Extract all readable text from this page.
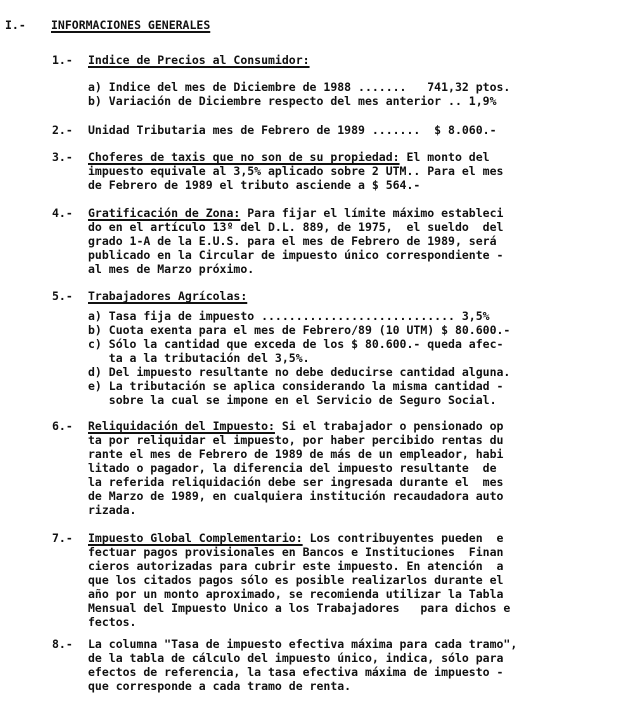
I.- INFORMACIONES GENERALES
1.- Indice de Precios al Consumidor:
a) Indice del mes de Diciembre de 1988 .......   741,32 ptos.
b) Variación de Diciembre respecto del mes anterior .. 1,9%
2.- Unidad Tributaria mes de Febrero de 1989 .......  $ 8.060.-
3.- Choferes de taxis que no son de su propiedad: El monto del
impuesto equivale al 3,5% aplicado sobre 2 UTM.. Para el mes
de Febrero de 1989 el tributo asciende a $ 564.-
4.- Gratificación de Zona: Para fijar el límite máximo estableci
do en el artículo 13º del D.L. 889, de 1975,  el sueldo  del
grado 1-A de la E.U.S. para el mes de Febrero de 1989, será
publicado en la Circular de impuesto único correspondiente -
al mes de Marzo próximo.
5.- Trabajadores Agrícolas:
a) Tasa fija de impuesto ............................ 3,5%
b) Cuota exenta para el mes de Febrero/89 (10 UTM) $ 80.600.-
c) Sólo la cantidad que exceda de los $ 80.600.- queda afec-
ta a la tributación del 3,5%.
d) Del impuesto resultante no debe deducirse cantidad alguna.
e) La tributación se aplica considerando la misma cantidad -
sobre la cual se impone en el Servicio de Seguro Social.
6.- Reliquidación del Impuesto: Si el trabajador o pensionado op
ta por reliquidar el impuesto, por haber percibido rentas du
rante el mes de Febrero de 1989 de más de un empleador, habi
litado o pagador, la diferencia del impuesto resultante  de
la referida reliquidación debe ser ingresada durante el  mes
de Marzo de 1989, en cualquiera institución recaudadora auto
rizada.
7.- Impuesto Global Complementario: Los contribuyentes pueden  e
fectuar pagos provisionales en Bancos e Instituciones  Finan
cieros autorizadas para cubrir este impuesto. En atención  a
que los citados pagos sólo es posible realizarlos durante el
año por un monto aproximado, se recomienda utilizar la Tabla
Mensual del Impuesto Unico a los Trabajadores   para dichos e
fectos.
8.- La columna "Tasa de impuesto efectiva máxima para cada tramo",
de la tabla de cálculo del impuesto único, indica, sólo para
efectos de referencia, la tasa efectiva máxima de impuesto -
que corresponde a cada tramo de renta.
